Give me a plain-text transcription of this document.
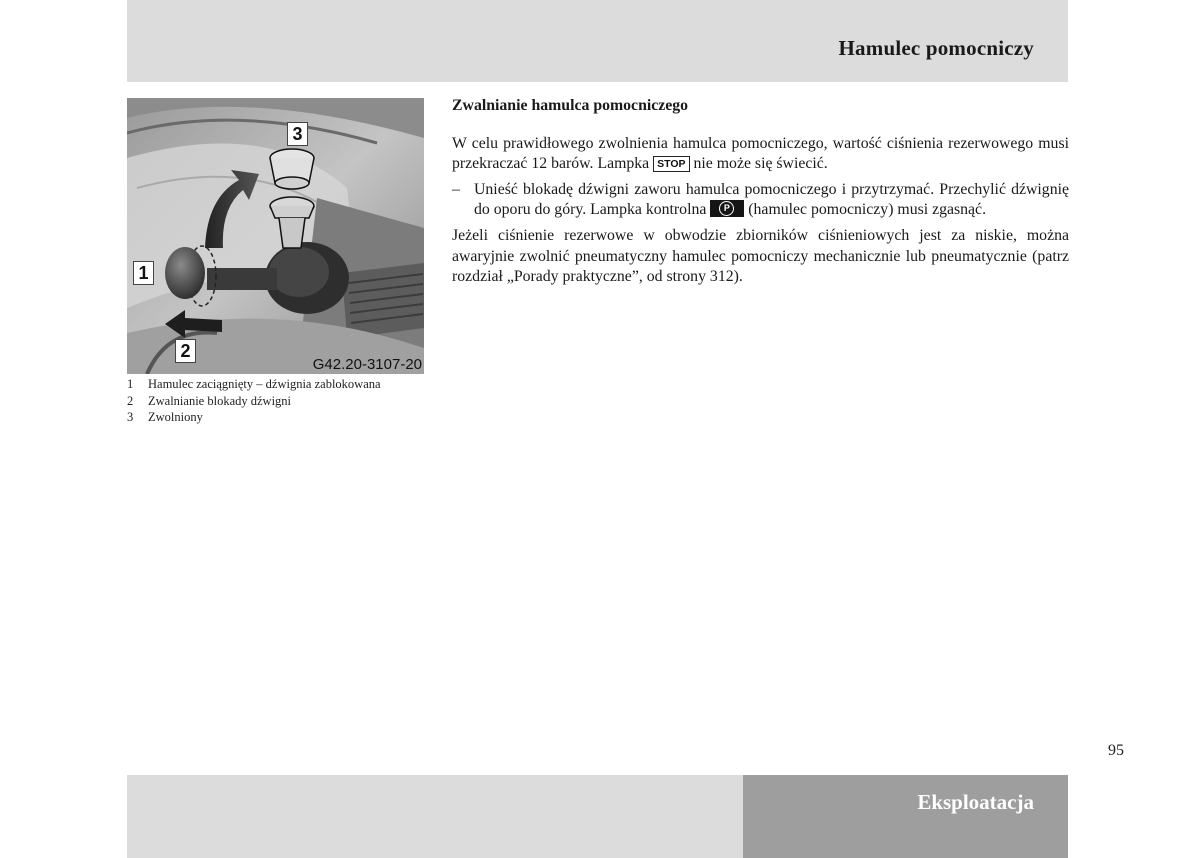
Hamulec pomocniczy
3
1
2
G42.20-3107-20
1	Hamulec zaciągnięty – dźwignia zablokowana
2	Zwalnianie blokady dźwigni
3	Zwolniony
Zwalnianie hamulca pomocniczego

W celu prawidłowego zwolnienia hamulca pomocniczego, wartość ciśnienia rezerwowego musi przekraczać 12 barów. Lampka STOP nie może się świecić.

– Unieść blokadę dźwigni zaworu hamulca pomocniczego i przytrzymać. Przechylić dźwignię do oporu do góry. Lampka kontrolna	P (hamulec pomocniczy) musi zgasnąć.

Jeżeli ciśnienie rezerwowe w obwodzie zbiorników ciśnieniowych jest za niskie, można awaryjnie zwolnić pneumatyczny hamulec pomocniczy mechanicznie lub pneumatycznie (patrz rozdział „Porady praktyczne”, od strony 312).

95
Eksploatacja
